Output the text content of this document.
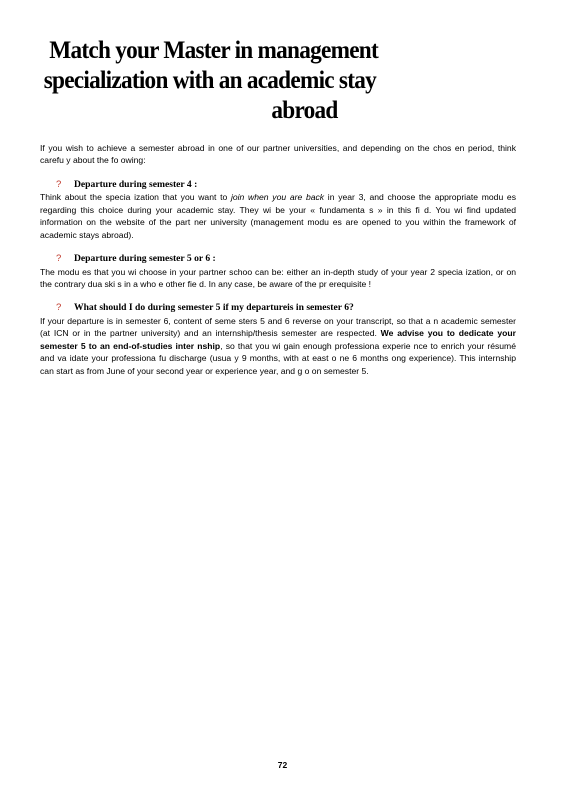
Match your Master in management
specialization with an academic stay
abroad

If you wish to achieve a semester abroad in one of our partner universities, and depending on the chos en period, think carefu y about the fo owing:

? Departure during semester 4 :

Think about the specia ization that you want to join when you are back in year 3, and choose the appropriate modu es regarding this choice during your academic stay. They wi be your « fundamenta s » in this fi d. You wi find updated information on the website of the part ner university (management modu es are opened to you within the framework of academic stays abroad).

? Departure during semester 5 or 6 :

The modu es that you wi choose in your partner schoo can be: either an in-depth study of your year 2 specia ization, or on the contrary dua ski s in a who e other fie d. In any case, be aware of the pr erequisite !

? What should I do during semester 5 if my departureis in semester 6?

If your departure is in semester 6, content of seme sters 5 and 6 reverse on your transcript, so that a n academic semester (at ICN or in the partner university) and an internship/thesis semester are respected. We advise you to dedicate your semester 5 to an end-of-studies inter nship, so that you wi gain enough professiona experie nce to enrich your résumé and va idate your professiona fu discharge (usua y 9 months, with at east o ne 6 months ong experience). This internship can start as from June of your second year or experience year, and g o on semester 5.

72
